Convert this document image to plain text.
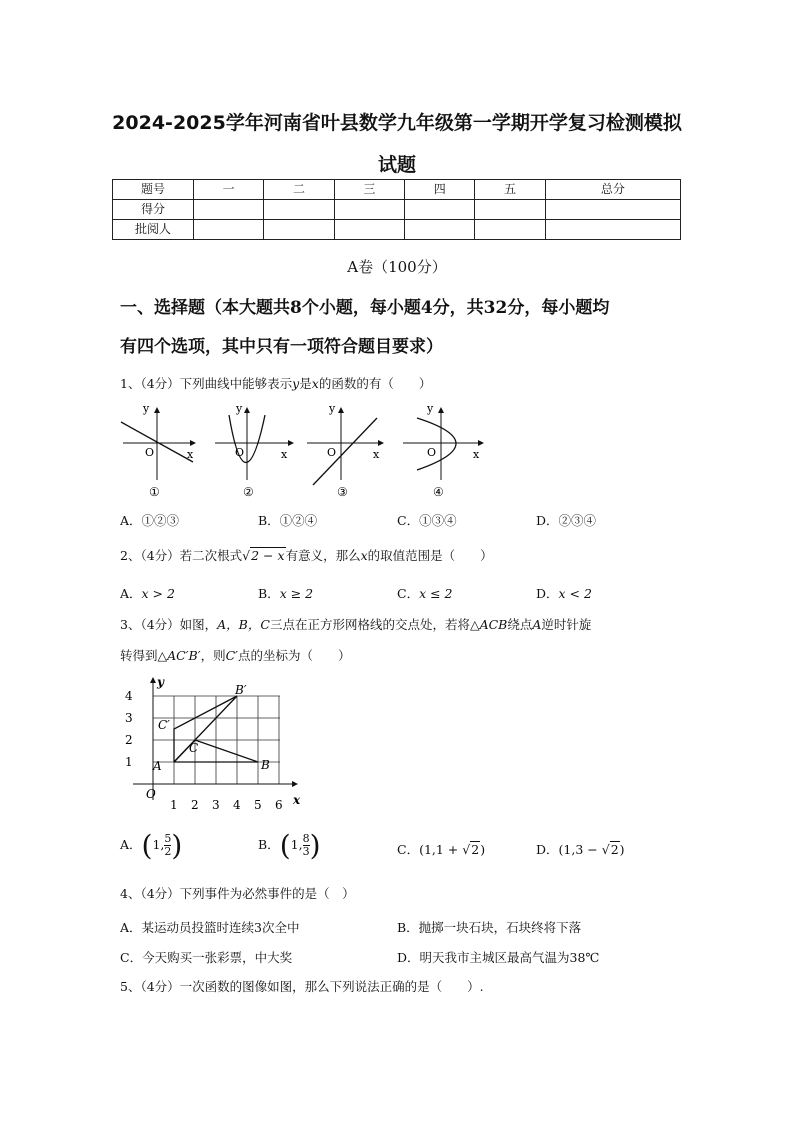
2024-2025学年河南省叶县数学九年级第一学期开学复习检测模拟
试题
题号	一	二	三	四	五	总分
得分						
批阅人						
A卷（100分）
一、选择题（本大题共8个小题，每小题4分，共32分，每小题均
有四个选项，其中只有一项符合题目要求）
1、（4分）下列曲线中能够表示y是x的函数的有（　　）
y
O	x
①
y
O	x
②
y
O	x
③
y
O	x
④
A．①②③	B．①②④	C．①③④	D．②③④
2、（4分）若二次根式√2 − x有意义，那么x的取值范围是（　　）
A．x > 2	B．x ≥ 2	C．x ≤ 2	D．x < 2
3、（4分）如图，A，B，C三点在正方形网格线的交点处，若将△ACB绕点A逆时针旋
转得到△AC′B′，则C′点的坐标为（　　）
4
3
2
1
1 2 3 4 5 6 x
y
O
A	B
C
C′
B′
A．(1, $\frac{5}{2}$ )	B．(1, $\frac{8}{3}$ )	C．(1,1 + √2)	D．(1,3 − √2)
4、（4分）下列事件为必然事件的是（　）
A．某运动员投篮时连续3次全中	B．抛掷一块石块，石块终将下落
C．今天购买一张彩票，中大奖	D．明天我市主城区最高气温为38℃
5、（4分）一次函数的图像如图，那么下列说法正确的是（　　）.
